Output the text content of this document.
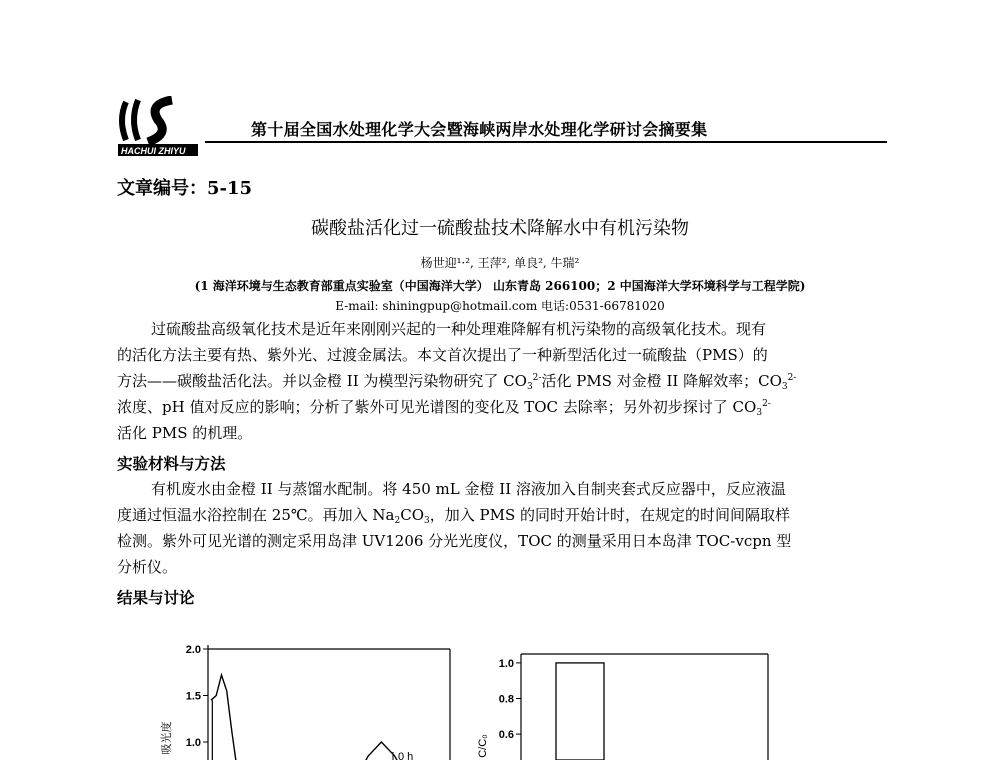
HACHUI ZHIYU
第十届全国水处理化学大会暨海峡两岸水处理化学研讨会摘要集
文章编号：5-15
碳酸盐活化过一硫酸盐技术降解水中有机污染物
杨世迎¹·², 王萍², 单良², 牛瑞²
(1 海洋环境与生态教育部重点实验室（中国海洋大学） 山东青岛 266100；2 中国海洋大学环境科学与工程学院)
E-mail: shiningpup@hotmail.com 电话:0531-66781020
过硫酸盐高级氧化技术是近年来刚刚兴起的一种处理难降解有机污染物的高级氧化技术。现有
的活化方法主要有热、紫外光、过渡金属法。本文首次提出了一种新型活化过一硫酸盐（PMS）的
方法——碳酸盐活化法。并以金橙 II 为模型污染物研究了 $CO_3^{2-}$活化 PMS 对金橙 II 降解效率；$CO_3^{2-}$
浓度、pH 值对反应的影响；分析了紫外可见光谱图的变化及 TOC 去除率；另外初步探讨了 $CO_3^{2-}$
活化 PMS 的机理。
实验材料与方法
有机废水由金橙 II 与蒸馏水配制。将 450 mL 金橙 II 溶液加入自制夹套式反应器中，反应液温
度通过恒温水浴控制在 25℃。再加入 $Na_2CO_3$，加入 PMS 的同时开始计时，在规定的时间间隔取样
检测。紫外可见光谱的测定采用岛津 UV1206 分光光度仪，TOC 的测量采用日本岛津 TOC-vcpn 型
分析仪。
结果与讨论
2.0
1.5
1.0
吸光度
0 h
1.0
0.8
0.6
C/C₀
